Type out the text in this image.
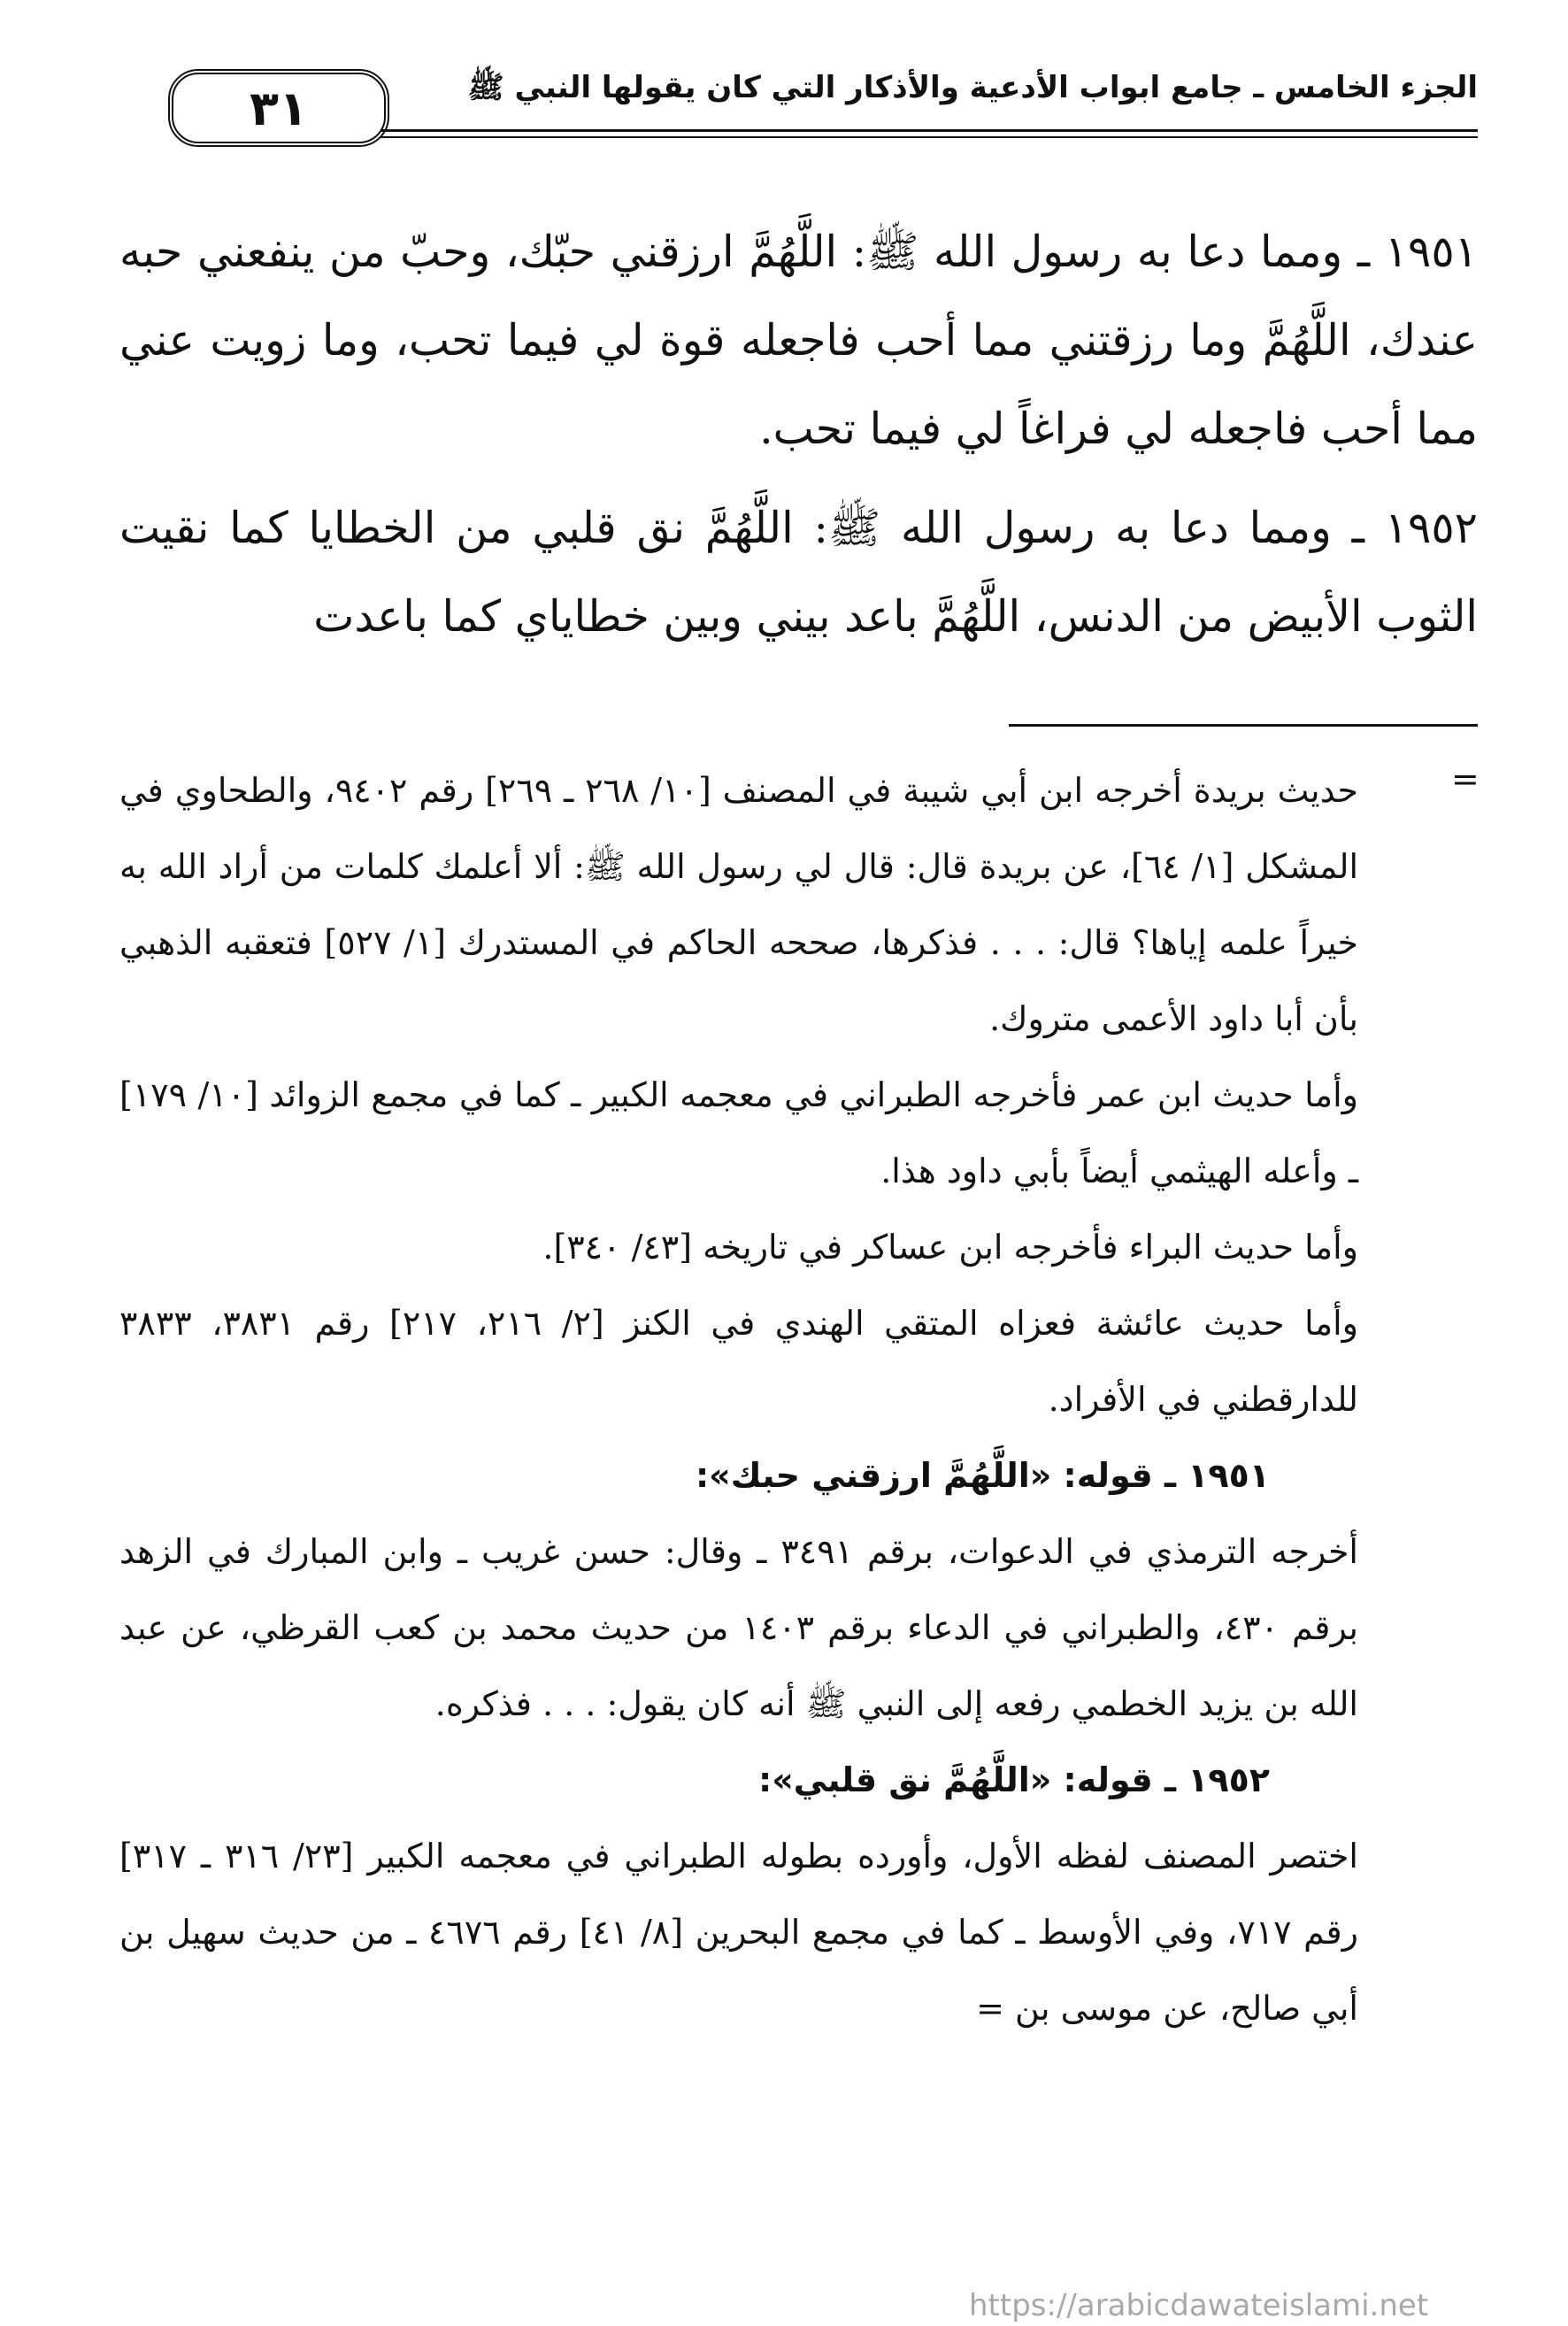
الجزء الخامس ـ جامع ابواب الأدعية والأذكار التي كان يقولها النبي ﷺ
٣١

١٩٥١ ـ ومما دعا به رسول الله ﷺ: اللَّهُمَّ ارزقني حبّك، وحبّ من ينفعني حبه عندك، اللَّهُمَّ وما رزقتني مما أحب فاجعله قوة لي فيما تحب، وما زويت عني مما أحب فاجعله لي فراغاً لي فيما تحب.

١٩٥٢ ـ ومما دعا به رسول الله ﷺ: اللَّهُمَّ نق قلبي من الخطايا كما نقيت الثوب الأبيض من الدنس، اللَّهُمَّ باعد بيني وبين خطاياي كما باعدت

=

حديث بريدة أخرجه ابن أبي شيبة في المصنف [١٠/ ٢٦٨ ـ ٢٦٩] رقم ٩٤٠٢، والطحاوي في المشكل [١/ ٦٤]، عن بريدة قال: قال لي رسول الله ﷺ: ألا أعلمك كلمات من أراد الله به خيراً علمه إياها؟ قال: . . . فذكرها، صححه الحاكم في المستدرك [١/ ٥٢٧] فتعقبه الذهبي بأن أبا داود الأعمى متروك.

وأما حديث ابن عمر فأخرجه الطبراني في معجمه الكبير ـ كما في مجمع الزوائد [١٠/ ١٧٩] ـ وأعله الهيثمي أيضاً بأبي داود هذا.

وأما حديث البراء فأخرجه ابن عساكر في تاريخه [٤٣/ ٣٤٠].

وأما حديث عائشة فعزاه المتقي الهندي في الكنز [٢/ ٢١٦، ٢١٧] رقم ٣٨٣١، ٣٨٣٣ للدارقطني في الأفراد.

١٩٥١ ـ قوله: «اللَّهُمَّ ارزقني حبك»:

أخرجه الترمذي في الدعوات، برقم ٣٤٩١ ـ وقال: حسن غريب ـ وابن المبارك في الزهد برقم ٤٣٠، والطبراني في الدعاء برقم ١٤٠٣ من حديث محمد بن كعب القرظي، عن عبد الله بن يزيد الخطمي رفعه إلى النبي ﷺ أنه كان يقول: . . . فذكره.

١٩٥٢ ـ قوله: «اللَّهُمَّ نق قلبي»:

اختصر المصنف لفظه الأول، وأورده بطوله الطبراني في معجمه الكبير [٢٣/ ٣١٦ ـ ٣١٧] رقم ٧١٧، وفي الأوسط ـ كما في مجمع البحرين [٨/ ٤١] رقم ٤٦٧٦ ـ من حديث سهيل بن أبي صالح، عن موسى بن =

https://arabicdawateislami.net
